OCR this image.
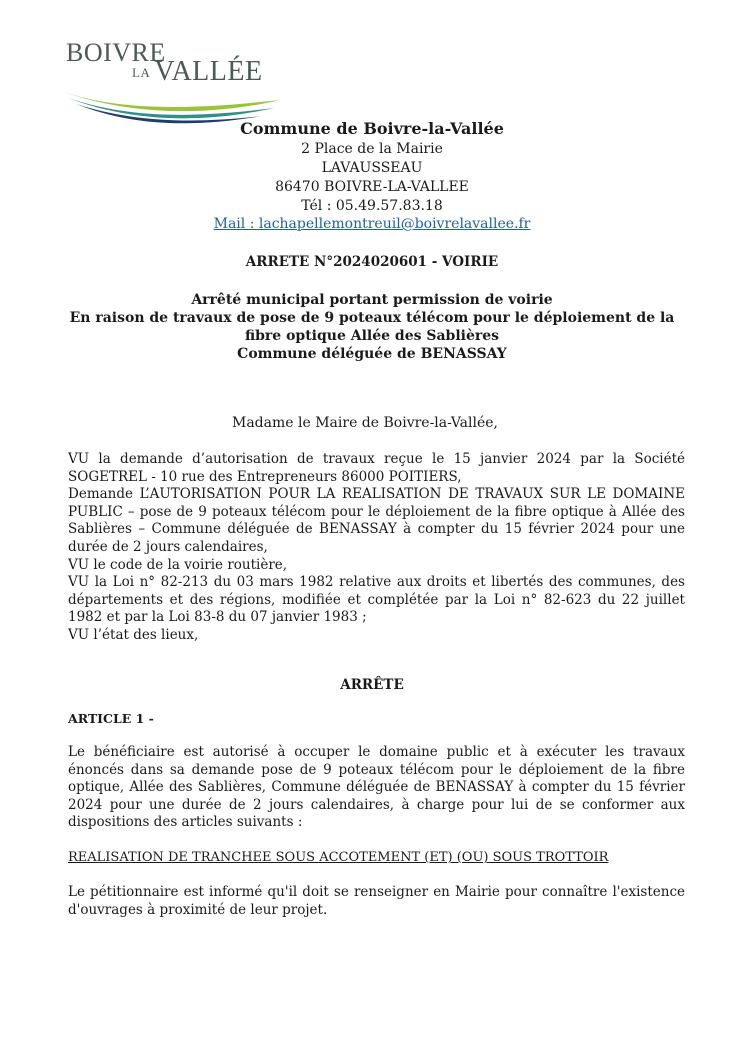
BOIVRE
LA VALLÉE
Commune de Boivre-la-Vallée
2 Place de la Mairie
LAVAUSSEAU
86470 BOIVRE-LA-VALLEE
Tél : 05.49.57.83.18
Mail : lachapellemontreuil@boivrelavallee.fr
ARRETE N°2024020601 - VOIRIE
Arrêté municipal portant permission de voirie
En raison de travaux de pose de 9 poteaux télécom pour le déploiement de la
fibre optique Allée des Sablières
Commune déléguée de BENASSAY
Madame le Maire de Boivre-la-Vallée,

VU la demande d’autorisation de travaux reçue le 15 janvier 2024 par la Société SOGETREL - 10 rue des Entrepreneurs 86000 POITIERS,

Demande L’AUTORISATION POUR LA REALISATION DE TRAVAUX SUR LE DOMAINE PUBLIC – pose de 9 poteaux télécom pour le déploiement de la fibre optique à Allée des Sablières – Commune déléguée de BENASSAY à compter du 15 février 2024 pour une durée de 2 jours calendaires,

VU le code de la voirie routière,

VU la Loi n° 82-213 du 03 mars 1982 relative aux droits et libertés des communes, des départements et des régions, modifiée et complétée par la Loi n° 82-623 du 22 juillet 1982 et par la Loi 83-8 du 07 janvier 1983 ;

VU l’état des lieux,

ARRÊTE
ARTICLE 1 -

Le bénéficiaire est autorisé à occuper le domaine public et à exécuter les travaux énoncés dans sa demande pose de 9 poteaux télécom pour le déploiement de la fibre optique, Allée des Sablières, Commune déléguée de BENASSAY à compter du 15 février 2024 pour une durée de 2 jours calendaires, à charge pour lui de se conformer aux dispositions des articles suivants :

REALISATION DE TRANCHEE SOUS ACCOTEMENT (ET) (OU) SOUS TROTTOIR

Le pétitionnaire est informé qu'il doit se renseigner en Mairie pour connaître l'existence d'ouvrages à proximité de leur projet.
